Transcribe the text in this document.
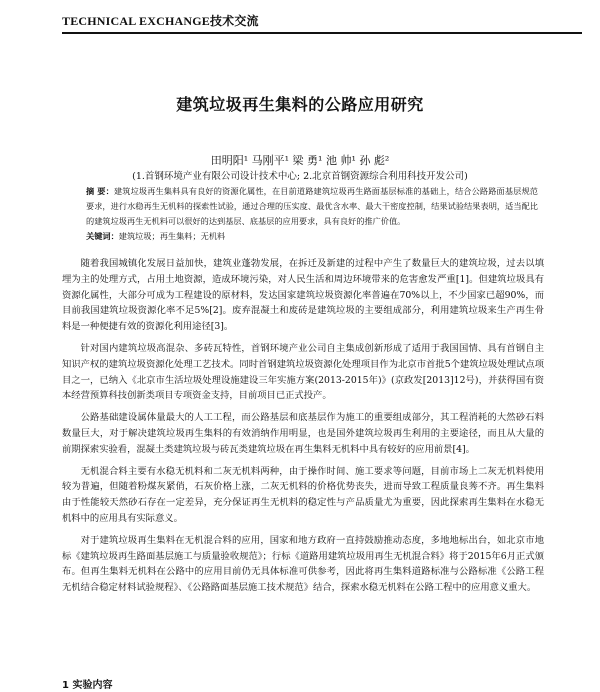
TECHNICAL EXCHANGE技术交流
建筑垃圾再生集料的公路应用研究
田明阳¹ 马刚平¹ 梁 勇¹ 池 帅¹ 孙 彪²
(1.首钢环境产业有限公司设计技术中心; 2.北京首钢资源综合利用科技开发公司)
摘 要：建筑垃圾再生集料具有良好的资源化属性，在目前道路建筑垃圾再生路面基层标准的基础上，结合公路路面基层规范要求，进行水稳再生无机料的探索性试验，通过合理的压实度、最优含水率、最大干密度控制，结果试验结果表明，适当配比的建筑垃圾再生无机料可以很好的达到基层、底基层的应用要求，具有良好的推广价值。
关键词：建筑垃圾；再生集料；无机料

随着我国城镇化发展日益加快，建筑业蓬勃发展，在拆迁及新建的过程中产生了数量巨大的建筑垃圾，过去以填埋为主的处理方式，占用土地资源，造成环境污染，对人民生活和周边环境带来的危害愈发严重[1]。但建筑垃圾具有资源化属性，大部分可成为工程建设的原材料，发达国家建筑垃圾资源化率普遍在70%以上，不少国家已超90%，而目前我国建筑垃圾资源化率不足5%[2]。废弃混凝土和废砖是建筑垃圾的主要组成部分，利用建筑垃圾来生产再生骨料是一种便捷有效的资源化利用途径[3]。

针对国内建筑垃圾高混杂、多砖瓦特性，首钢环境产业公司自主集成创新形成了适用于我国国情、具有首钢自主知识产权的建筑垃圾资源化处理工艺技术。同时首钢建筑垃圾资源化处理项目作为北京市首批5个建筑垃圾处理试点项目之一，已纳入《北京市生活垃圾处理设施建设三年实施方案(2013-2015年)》(京政发[2013]12号)，并获得国有资本经营预算科技创新类项目专项资金支持，目前项目已正式投产。

公路基础建设属体量最大的人工工程，而公路基层和底基层作为施工的重要组成部分，其工程消耗的大然砂石料数量巨大，对于解决建筑垃圾再生集料的有效消纳作用明显，也是国外建筑垃圾再生利用的主要途径，而且从大量的前期探索实验看，混凝土类建筑垃圾与砖瓦类建筑垃圾在再生集料无机料中具有较好的应用前景[4]。

无机混合料主要有水稳无机料和二灰无机料两种，由于操作时间、施工要求等问题，目前市场上二灰无机料使用较为普遍，但随着粉煤灰紧俏，石灰价格上涨，二灰无机料的价格优势丧失，进而导致工程质量良莠不齐。再生集料由于性能较天然砂石存在一定差异，充分保证再生无机料的稳定性与产品质量尤为重要，因此探索再生集料在水稳无机料中的应用具有实际意义。

对于建筑垃圾再生集料在无机混合料的应用，国家和地方政府一直持鼓励推动态度，多地地标出台，如北京市地标《建筑垃圾再生路面基层施工与质量验收规范》；行标《道路用建筑垃圾用再生无机混合料》将于2015年6月正式颁布。但再生集料无机料在公路中的应用目前仍无具体标准可供参考，因此将再生集料道路标准与公路标准《公路工程无机结合稳定材料试验规程》、《公路路面基层施工技术规范》结合，探索水稳无机料在公路工程中的应用意义重大。

1 实验内容
